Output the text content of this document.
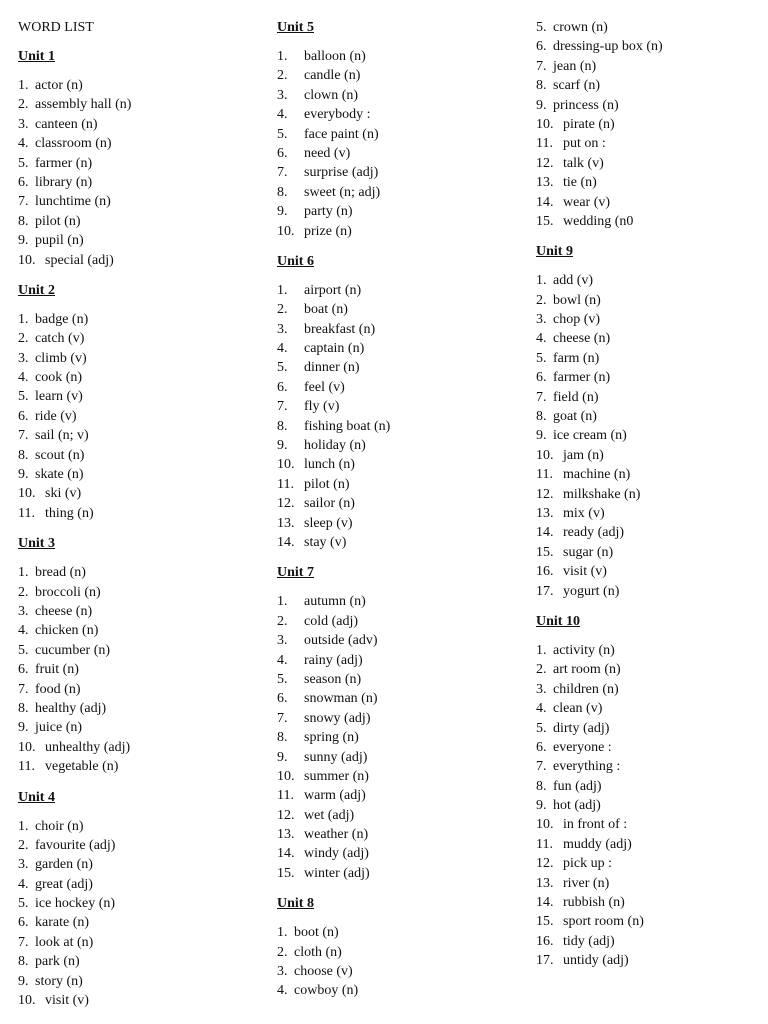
WORD LIST
Unit 1
1. actor (n)
2. assembly hall (n)
3. canteen (n)
4. classroom (n)
5. farmer (n)
6. library (n)
7. lunchtime (n)
8. pilot (n)
9. pupil (n)
10. special (adj)
Unit 2
1. badge (n)
2. catch (v)
3. climb (v)
4. cook (n)
5. learn (v)
6. ride (v)
7. sail (n; v)
8. scout (n)
9. skate (n)
10. ski (v)
11. thing (n)
Unit 3
1. bread (n)
2. broccoli (n)
3. cheese (n)
4. chicken (n)
5. cucumber (n)
6. fruit (n)
7. food (n)
8. healthy (adj)
9. juice (n)
10. unhealthy (adj)
11. vegetable (n)
Unit 4
1. choir (n)
2. favourite (adj)
3. garden (n)
4. great (adj)
5. ice hockey (n)
6. karate (n)
7. look at (n)
8. park (n)
9. story (n)
10. visit (v)
Unit 5
1. balloon (n)
2. candle (n)
3. clown (n)
4. everybody :
5. face paint (n)
6. need (v)
7. surprise (adj)
8. sweet (n; adj)
9. party (n)
10. prize (n)
Unit 6
1. airport (n)
2. boat (n)
3. breakfast (n)
4. captain (n)
5. dinner (n)
6. feel (v)
7. fly (v)
8. fishing boat (n)
9. holiday (n)
10. lunch (n)
11. pilot (n)
12. sailor (n)
13. sleep (v)
14. stay (v)
Unit 7
1. autumn (n)
2. cold (adj)
3. outside (adv)
4. rainy (adj)
5. season (n)
6. snowman (n)
7. snowy (adj)
8. spring (n)
9. sunny (adj)
10. summer (n)
11. warm (adj)
12. wet (adj)
13. weather (n)
14. windy (adj)
15. winter (adj)
Unit 8
1. boot (n)
2. cloth (n)
3. choose (v)
4. cowboy (n)
5. crown (n)
6. dressing-up box (n)
7. jean (n)
8. scarf (n)
9. princess (n)
10. pirate (n)
11. put on :
12. talk (v)
13. tie (n)
14. wear (v)
15. wedding (n0
Unit 9
1. add (v)
2. bowl (n)
3. chop (v)
4. cheese (n)
5. farm (n)
6. farmer (n)
7. field (n)
8. goat (n)
9. ice cream (n)
10. jam (n)
11. machine (n)
12. milkshake (n)
13. mix (v)
14. ready (adj)
15. sugar (n)
16. visit (v)
17. yogurt (n)
Unit 10
1. activity (n)
2. art room (n)
3. children (n)
4. clean (v)
5. dirty (adj)
6. everyone :
7. everything :
8. fun (adj)
9. hot (adj)
10. in front of :
11. muddy (adj)
12. pick up :
13. river (n)
14. rubbish (n)
15. sport room (n)
16. tidy (adj)
17. untidy (adj)
